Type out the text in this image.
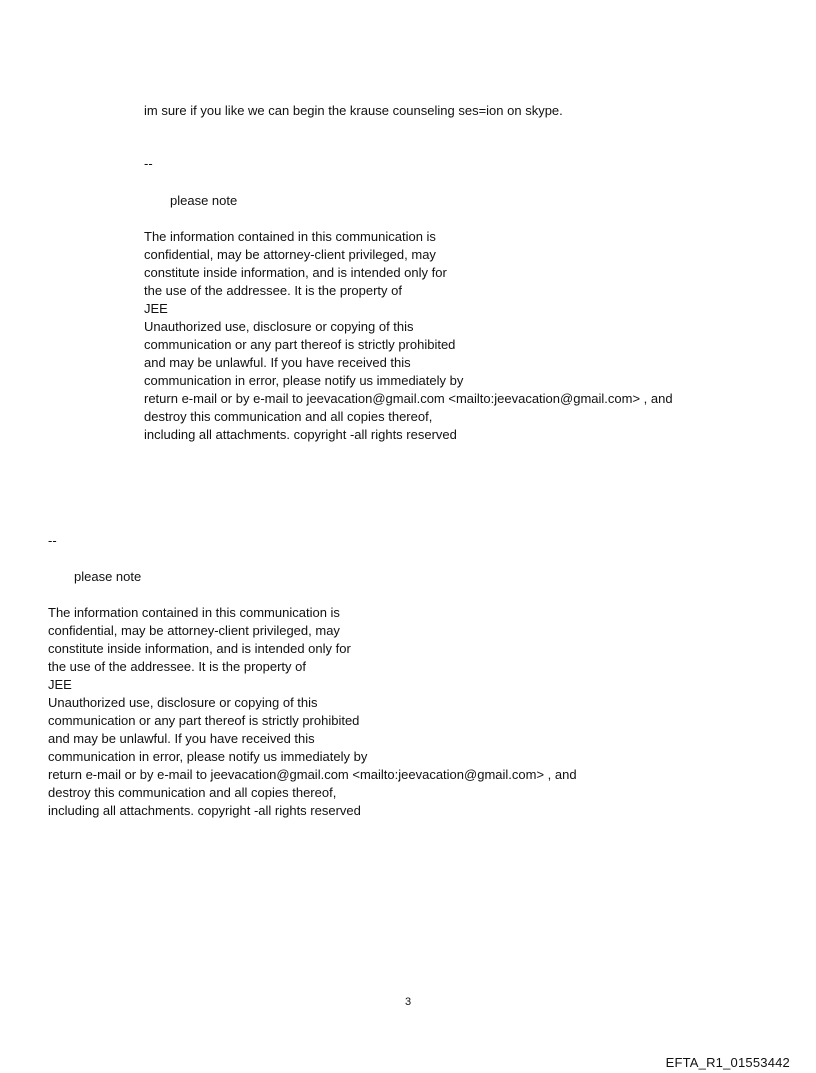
im sure if you like we can begin the krause counseling ses=ion on skype.
--
please note
The information contained in this communication is
confidential, may be attorney-client privileged, may
constitute inside information, and is intended only for
the use of the addressee. It is the property of
JEE
Unauthorized use, disclosure or copying of this
communication or any part thereof is strictly prohibited
and may be unlawful. If you have received this
communication in error, please notify us immediately by
return e-mail or by e-mail to jeevacation@gmail.com <mailto:jeevacation@gmail.com> , and
destroy this communication and all copies thereof,
including all attachments. copyright -all rights reserved
--
please note
The information contained in this communication is
confidential, may be attorney-client privileged, may
constitute inside information, and is intended only for
the use of the addressee. It is the property of
JEE
Unauthorized use, disclosure or copying of this
communication or any part thereof is strictly prohibited
and may be unlawful. If you have received this
communication in error, please notify us immediately by
return e-mail or by e-mail to jeevacation@gmail.com <mailto:jeevacation@gmail.com> , and
destroy this communication and all copies thereof,
including all attachments. copyright -all rights reserved
3
EFTA_R1_01553442
